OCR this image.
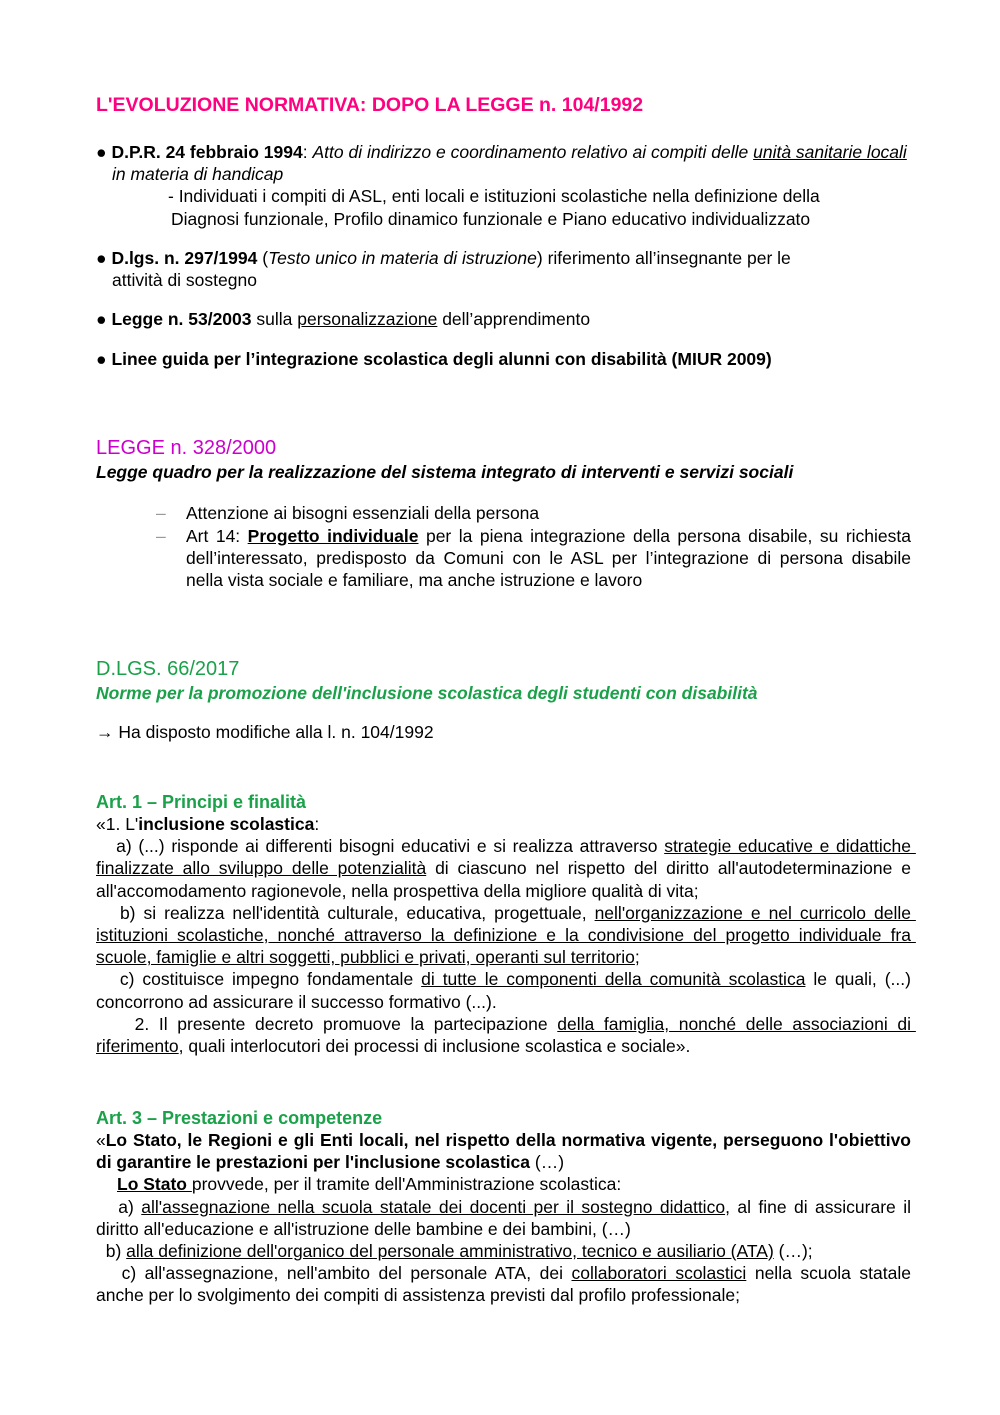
L'EVOLUZIONE NORMATIVA: DOPO LA LEGGE n. 104/1992
● D.P.R. 24 febbraio 1994: Atto di indirizzo e coordinamento relativo ai compiti delle unità sanitarie locali in materia di handicap
- Individuati i compiti di ASL, enti locali e istituzioni scolastiche nella definizione della
Diagnosi funzionale, Profilo dinamico funzionale e Piano educativo individualizzato
● D.lgs. n. 297/1994 (Testo unico in materia di istruzione) riferimento all’insegnante per le
attività di sostegno
● Legge n. 53/2003 sulla personalizzazione dell’apprendimento
● Linee guida per l’integrazione scolastica degli alunni con disabilità (MIUR 2009)
LEGGE n. 328/2000
Legge quadro per la realizzazione del sistema integrato di interventi e servizi sociali
– Attenzione ai bisogni essenziali della persona
– Art 14: Progetto individuale per la piena integrazione della persona disabile, su richiesta dell’interessato, predisposto da Comuni con le ASL per l’integrazione di persona disabile nella vista sociale e familiare, ma anche istruzione e lavoro
D.LGS. 66/2017
Norme per la promozione dell'inclusione scolastica degli studenti con disabilità
→ Ha disposto modifiche alla l. n. 104/1992
Art. 1 – Principi e finalità
«1. L'inclusione scolastica:
a) (...) risponde ai differenti bisogni educativi e si realizza attraverso strategie educative e didattiche finalizzate allo sviluppo delle potenzialità di ciascuno nel rispetto del diritto all'autodeterminazione e all'accomodamento ragionevole, nella prospettiva della migliore qualità di vita;
b) si realizza nell'identità culturale, educativa, progettuale, nell'organizzazione e nel curricolo delle istituzioni scolastiche, nonché attraverso la definizione e la condivisione del progetto individuale fra scuole, famiglie e altri soggetti, pubblici e privati, operanti sul territorio;
c) costituisce impegno fondamentale di tutte le componenti della comunità scolastica le quali, (...) concorrono ad assicurare il successo formativo (...).
2. Il presente decreto promuove la partecipazione della famiglia, nonché delle associazioni di riferimento, quali interlocutori dei processi di inclusione scolastica e sociale».
Art. 3 – Prestazioni e competenze
«Lo Stato, le Regioni e gli Enti locali, nel rispetto della normativa vigente, perseguono l'obiettivo di garantire le prestazioni per l'inclusione scolastica (…)
Lo Stato provvede, per il tramite dell'Amministrazione scolastica:
a) all'assegnazione nella scuola statale dei docenti per il sostegno didattico, al fine di assicurare il diritto all'educazione e all'istruzione delle bambine e dei bambini, (…)
b) alla definizione dell'organico del personale amministrativo, tecnico e ausiliario (ATA) (…);
c) all'assegnazione, nell'ambito del personale ATA, dei collaboratori scolastici nella scuola statale anche per lo svolgimento dei compiti di assistenza previsti dal profilo professionale;
